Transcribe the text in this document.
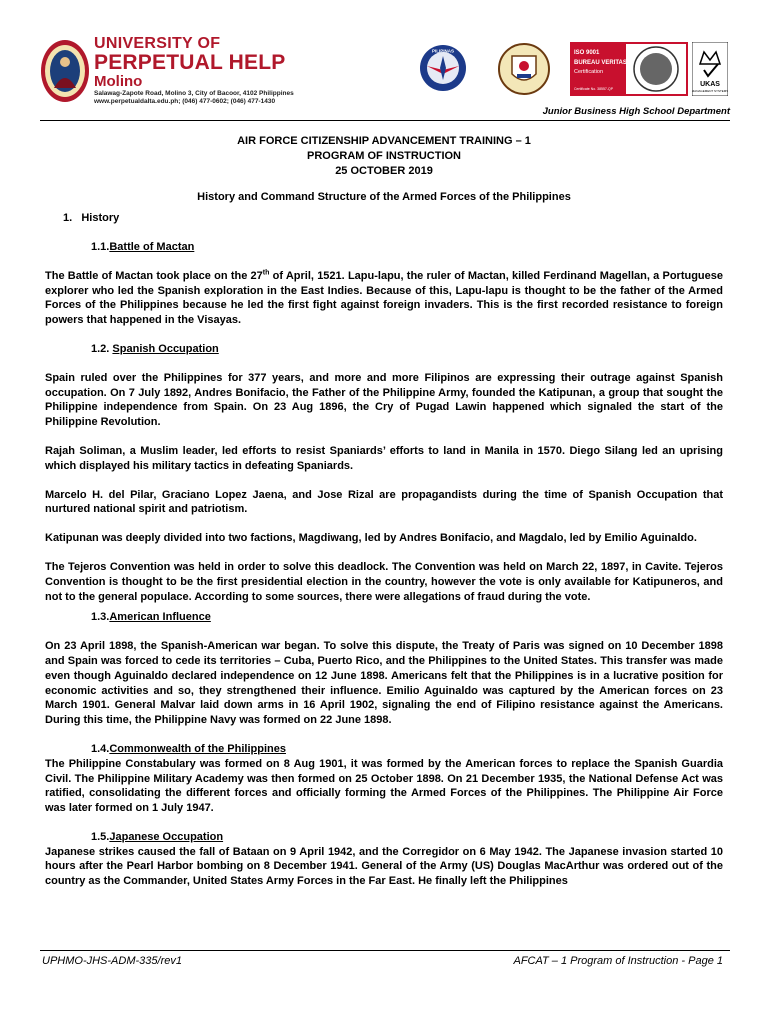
UNIVERSITY OF
PERPETUAL HELP
Molino
Salawag-Zapote Road, Molino 3, City of Bacoor, 4102 Philippines
www.perpetualdalta.edu.ph; (046) 477-0602; (046) 477-1430
PILIPINAS	ISO 9001
BUREAU VERITAS
Certification
Certificate No. 38557-QP
UKAS
MANAGEMENT SYSTEMS
Junior Business High School Department
AIR FORCE CITIZENSHIP ADVANCEMENT TRAINING – 1
PROGRAM OF INSTRUCTION
25 OCTOBER 2019
History and Command Structure of the Armed Forces of the Philippines
1.   History
1.1.Battle of Mactan

The Battle of Mactan took place on the 27th of April, 1521. Lapu-lapu, the ruler of Mactan, killed Ferdinand Magellan, a Portuguese explorer who led the Spanish exploration in the East Indies. Because of this, Lapu-lapu is thought to be the father of the Armed Forces of the Philippines because he led the first fight against foreign invaders. This is the first recorded resistance to foreign powers that happened in the Visayas.

1.2. Spanish Occupation

Spain ruled over the Philippines for 377 years, and more and more Filipinos are expressing their outrage against Spanish occupation. On 7 July 1892, Andres Bonifacio, the Father of the Philippine Army, founded the Katipunan, a group that sought the Philippine independence from Spain. On 23 Aug 1896, the Cry of Pugad Lawin happened which signaled the start of the Philippine Revolution.

Rajah Soliman, a Muslim leader, led efforts to resist Spaniards’ efforts to land in Manila in 1570. Diego Silang led an uprising which displayed his military tactics in defeating Spaniards.

Marcelo H. del Pilar, Graciano Lopez Jaena, and Jose Rizal are propagandists during the time of Spanish Occupation that nurtured national spirit and patriotism.

Katipunan was deeply divided into two factions, Magdiwang, led by Andres Bonifacio, and Magdalo, led by Emilio Aguinaldo.

The Tejeros Convention was held in order to solve this deadlock. The Convention was held on March 22, 1897, in Cavite. Tejeros Convention is thought to be the first presidential election in the country, however the vote is only available for Katipuneros, and not to the general populace. According to some sources, there were allegations of fraud during the vote.

1.3.American Influence

On 23 April 1898, the Spanish-American war began. To solve this dispute, the Treaty of Paris was signed on 10 December 1898 and Spain was forced to cede its territories – Cuba, Puerto Rico, and the Philippines to the United States. This transfer was made even though Aguinaldo declared independence on 12 June 1898. Americans felt that the Philippines is in a lucrative position for economic activities and so, they strengthened their influence. Emilio Aguinaldo was captured by the American forces on 23 March 1901. General Malvar laid down arms in 16 April 1902, signaling the end of Filipino resistance against the Americans. During this time, the Philippine Navy was formed on 22 June 1898.

1.4.Commonwealth of the Philippines

The Philippine Constabulary was formed on 8 Aug 1901, it was formed by the American forces to replace the Spanish Guardia Civil. The Philippine Military Academy was then formed on 25 October 1898. On 21 December 1935, the National Defense Act was ratified, consolidating the different forces and officially forming the Armed Forces of the Philippines. The Philippine Air Force was later formed on 1 July 1947.

1.5.Japanese Occupation

Japanese strikes caused the fall of Bataan on 9 April 1942, and the Corregidor on 6 May 1942. The Japanese invasion started 10 hours after the Pearl Harbor bombing on 8 December 1941. General of the Army (US) Douglas MacArthur was ordered out of the country as the Commander, United States Army Forces in the Far East. He finally left the Philippines

UPHMO-JHS-ADM-335/rev1	AFCAT – 1 Program of Instruction - Page 1
